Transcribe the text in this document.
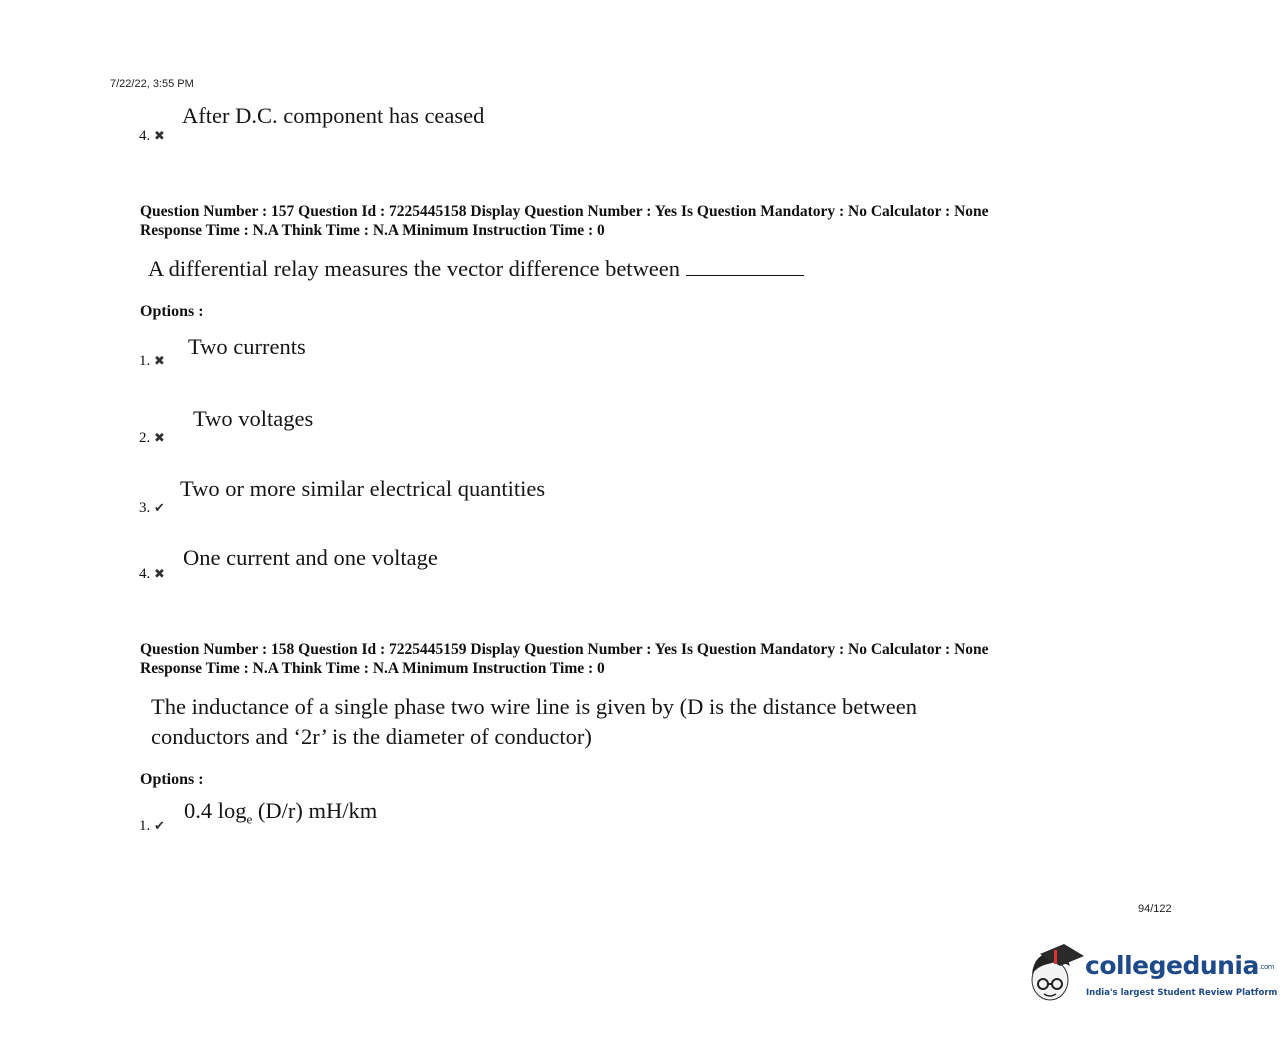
7/22/22, 3:55 PM
4. ✖
After D.C. component has ceased
Question Number : 157 Question Id : 7225445158 Display Question Number : Yes Is Question Mandatory : No Calculator : None
Response Time : N.A Think Time : N.A Minimum Instruction Time : 0
A differential relay measures the vector difference between
Options :
1. ✖
Two currents
2. ✖
Two voltages
3. ✔
Two or more similar electrical quantities
4. ✖
One current and one voltage
Question Number : 158 Question Id : 7225445159 Display Question Number : Yes Is Question Mandatory : No Calculator : None
Response Time : N.A Think Time : N.A Minimum Instruction Time : 0
The inductance of a single phase two wire line is given by (D is the distance between
conductors and ‘2r’ is the diameter of conductor)
Options :
1. ✔
0.4 $\log_e (D/r)$ mH/km
94/122
collegedunia.com
India's largest Student Review Platform
